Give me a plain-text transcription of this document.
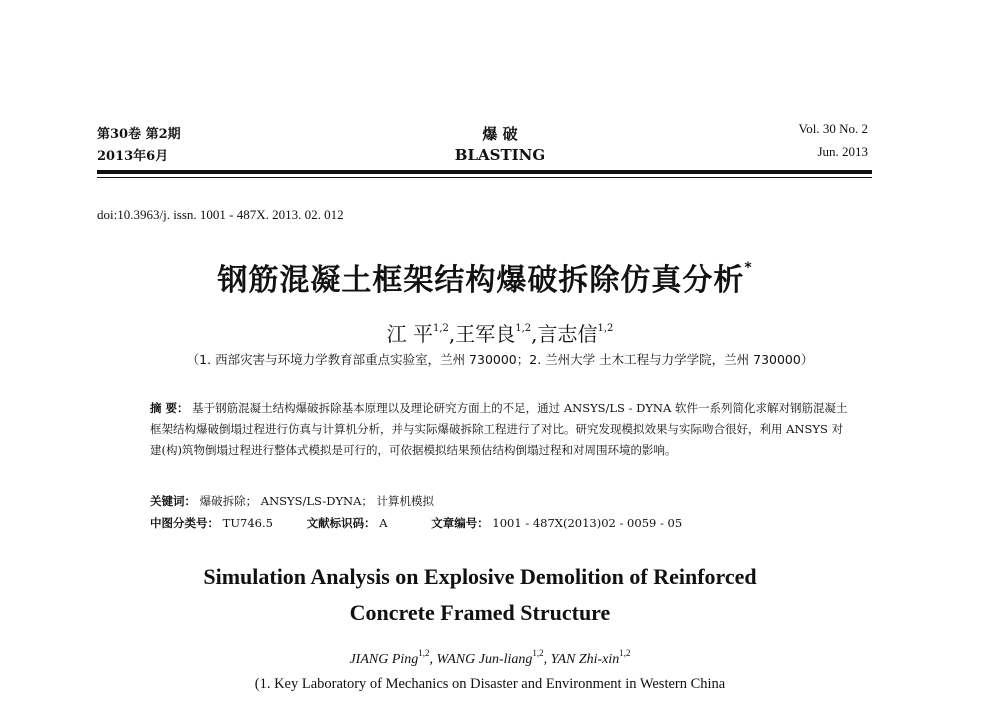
第30卷 第2期
2013年6月
爆 破
BLASTING
Vol. 30 No. 2
Jun. 2013
doi:10.3963/j. issn. 1001 - 487X. 2013. 02. 012
钢筋混凝土框架结构爆破拆除仿真分析*
江 平$^{1,2}$,王军良$^{1,2}$,言志信$^{1,2}$
（1. 西部灾害与环境力学教育部重点实验室，兰州 730000；2. 兰州大学 土木工程与力学学院，兰州 730000）
摘 要： 基于钢筋混凝土结构爆破拆除基本原理以及理论研究方面上的不足，通过 ANSYS/LS - DYNA 软件一系列简化求解对钢筋混凝土框架结构爆破倒塌过程进行仿真与计算机分析，并与实际爆破拆除工程进行了对比。研究发现模拟效果与实际吻合很好，利用 ANSYS 对建(构)筑物倒塌过程进行整体式模拟是可行的，可依据模拟结果预估结构倒塌过程和对周围环境的影响。
关键词： 爆破拆除； ANSYS/LS-DYNA； 计算机模拟
中图分类号： TU746.5	文献标识码： A	文章编号： 1001 - 487X(2013)02 - 0059 - 05
Simulation Analysis on Explosive Demolition of Reinforced
Concrete Framed Structure
JIANG Ping$^{1,2}$, WANG Jun-liang$^{1,2}$, YAN Zhi-xin$^{1,2}$
(1. Key Laboratory of Mechanics on Disaster and Environment in Western China
